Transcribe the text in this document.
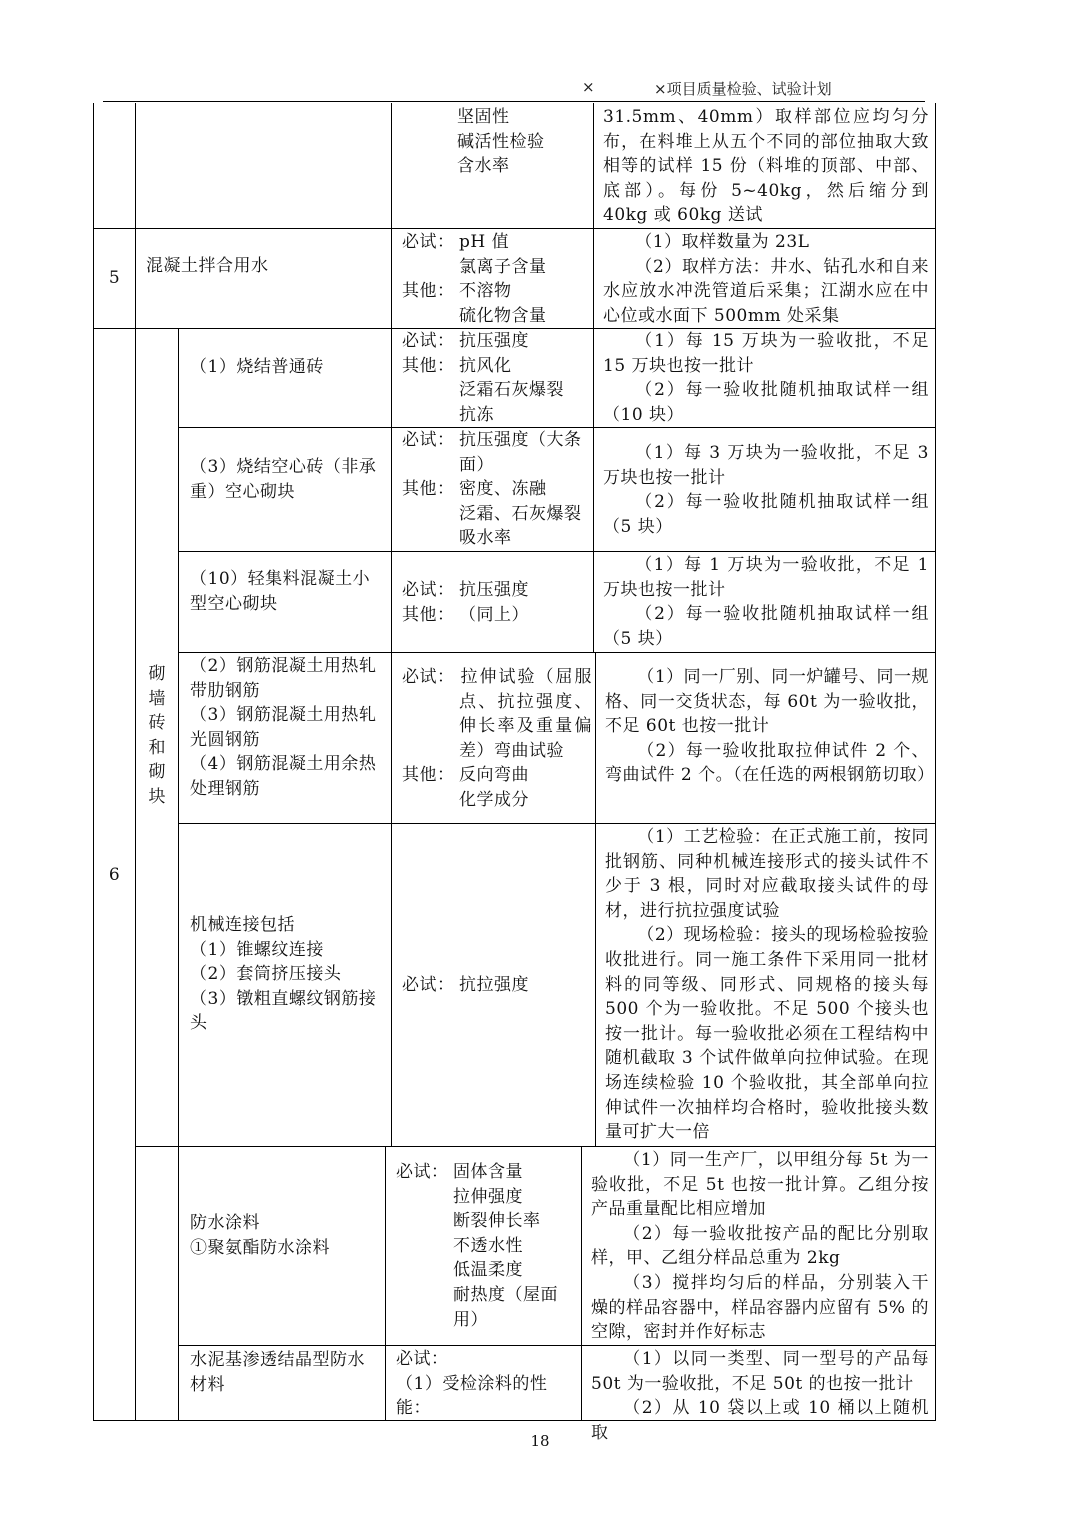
×	×项目质量检验、试验计划
坚固性
碱活性检验
含水率

31.5mm、40mm）取样部位应均匀分布，在料堆上从五个不同的部位抽取大致相等的试样 15 份（料堆的顶部、中部、底部）。每份 5~40kg，然后缩分到 40kg 或 60kg 送试

5
混凝土拌合用水
必试： pH 值
氯离子含量
其他： 不溶物
硫化物含量

（1）取样数量为 23L

（2）取样方法：井水、钻孔水和自来水应放水冲洗管道后采集；江湖水应在中心位或水面下 500mm 处采集

6
砌
墙
砖
和
砌
块
（1）烧结普通砖
必试： 抗压强度
其他： 抗风化
泛霜石灰爆裂
抗冻

（1）每 15 万块为一验收批，不足 15 万块也按一批计

（2）每一验收批随机抽取试样一组（10 块）

（3）烧结空心砖（非承重）空心砌块
必试： 抗压强度（大条面）
其他： 密度、冻融
泛霜、石灰爆裂
吸水率

（1）每 3 万块为一验收批，不足 3 万块也按一批计

（2）每一验收批随机抽取试样一组（5 块）

（10）轻集料混凝土小型空心砌块
必试： 抗压强度
其他： （同上）

（1）每 1 万块为一验收批，不足 1 万块也按一批计

（2）每一验收批随机抽取试样一组（5 块）

（2）钢筋混凝土用热轧带肋钢筋
（3）钢筋混凝土用热轧光圆钢筋
（4）钢筋混凝土用余热处理钢筋
必试： 拉伸试验（屈服点、抗拉强度、伸长率及重量偏差）弯曲试验
其他： 反向弯曲
化学成分

（1）同一厂别、同一炉罐号、同一规格、同一交货状态，每 60t 为一验收批，不足 60t 也按一批计

（2）每一验收批取拉伸试件 2 个、弯曲试件 2 个。（在任选的两根钢筋切取）

机械连接包括
（1）锥螺纹连接
（2）套筒挤压接头
（3）镦粗直螺纹钢筋接头
必试： 抗拉强度

（1）工艺检验：在正式施工前，按同批钢筋、同种机械连接形式的接头试件不少于 3 根，同时对应截取接头试件的母材，进行抗拉强度试验

（2）现场检验：接头的现场检验按验收批进行。同一施工条件下采用同一批材料的同等级、同形式、同规格的接头每 500 个为一验收批。不足 500 个接头也按一批计。每一验收批必须在工程结构中随机截取 3 个试件做单向拉伸试验。在现场连续检验 10 个验收批，其全部单向拉伸试件一次抽样均合格时，验收批接头数量可扩大一倍

防水涂料
①聚氨酯防水涂料
必试： 固体含量
拉伸强度
断裂伸长率
不透水性
低温柔度
耐热度（屋面用）

（1）同一生产厂，以甲组分每 5t 为一验收批，不足 5t 也按一批计算。乙组分按产品重量配比相应增加

（2）每一验收批按产品的配比分别取样，甲、乙组分样品总重为 2kg

（3）搅拌均匀后的样品，分别装入干燥的样品容器中，样品容器内应留有 5% 的空隙，密封并作好标志

水泥基渗透结晶型防水材料
必试：
（1）受检涂料的性能：

（1）以同一类型、同一型号的产品每 50t 为一验收批，不足 50t 的也按一批计

（2）从 10 袋以上或 10 桶以上随机取

18
